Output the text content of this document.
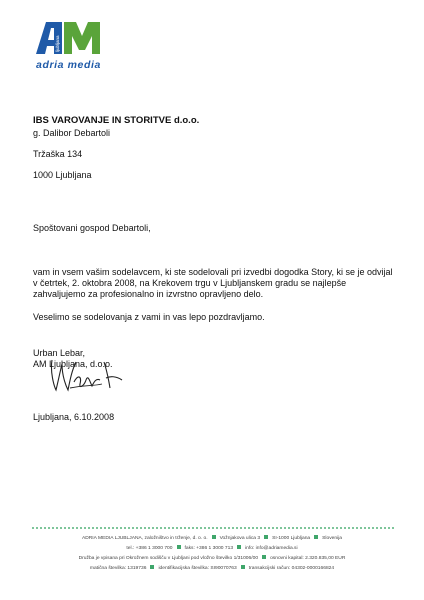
ljubljana
adria media
IBS VAROVANJE IN STORITVE d.o.o.
g. Dalibor Debartoli
Tržaška 134
1000 Ljubljana
Spoštovani gospod Debartoli,

vam in vsem vašim sodelavcem, ki ste sodelovali pri izvedbi dogodka Story, ki se je odvijal v četrtek, 2. oktobra 2008, na Krekovem trgu v Ljubljanskem gradu se najlepše zahvaljujemo za profesionalno in izvrstno opravljeno delo.

Veselimo se sodelovanja z vami in vas lepo pozdravljamo.

Urban Lebar,
AM Ljubljana, d.o.o.
Ljubljana, 6.10.2008
ADRIA MEDIA LJUBLJANA, založništvo in trženje, d. o. o. Vožnjakova ulica 3 SI-1000 Ljubljana Slovenija
tel.: +386 1 3000 700 faks: +386 1 3000 713 info: info@adriamedia.si
Družba je vpisana pri Okrožnem sodišču v Ljubljani pod vložno številko 1/31006/00 osnovni kapital: 2.320.835,00 EUR
matična številka: 1319736 identifikacijska številka: SI90070763 transakcijski račun: 04302-0000166824
